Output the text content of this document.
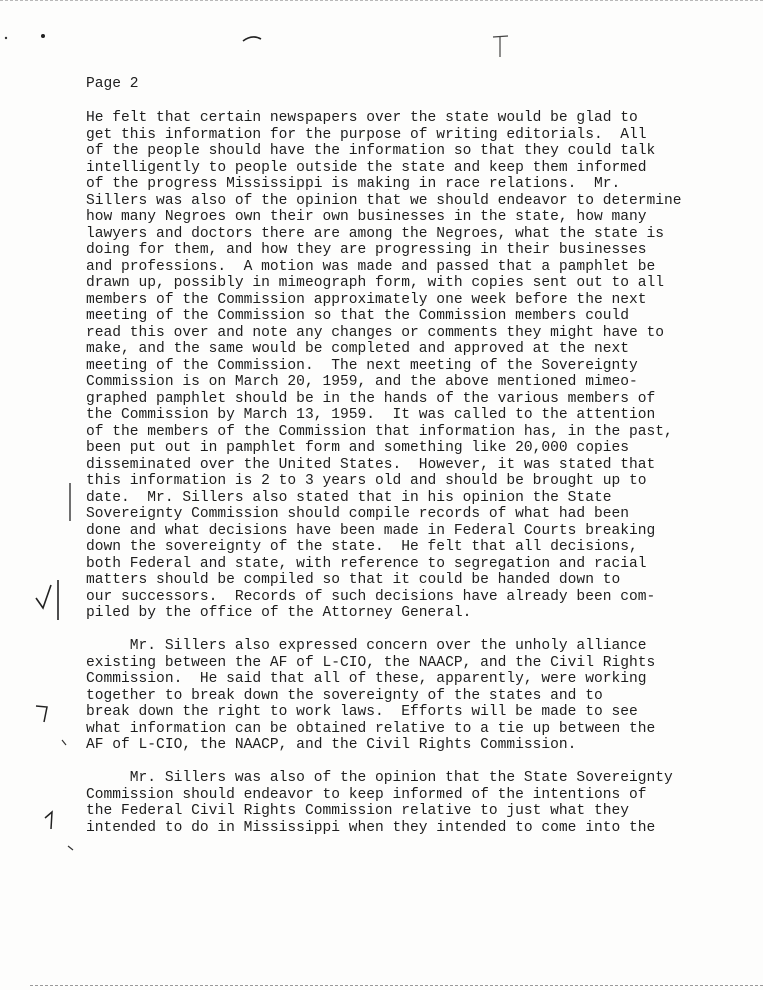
Page 2

He felt that certain newspapers over the state would be glad to
get this information for the purpose of writing editorials.  All
of the people should have the information so that they could talk
intelligently to people outside the state and keep them informed
of the progress Mississippi is making in race relations.  Mr.
Sillers was also of the opinion that we should endeavor to determine
how many Negroes own their own businesses in the state, how many
lawyers and doctors there are among the Negroes, what the state is
doing for them, and how they are progressing in their businesses
and professions.  A motion was made and passed that a pamphlet be
drawn up, possibly in mimeograph form, with copies sent out to all
members of the Commission approximately one week before the next
meeting of the Commission so that the Commission members could
read this over and note any changes or comments they might have to
make, and the same would be completed and approved at the next
meeting of the Commission.  The next meeting of the Sovereignty
Commission is on March 20, 1959, and the above mentioned mimeo-
graphed pamphlet should be in the hands of the various members of
the Commission by March 13, 1959.  It was called to the attention
of the members of the Commission that information has, in the past,
been put out in pamphlet form and something like 20,000 copies
disseminated over the United States.  However, it was stated that
this information is 2 to 3 years old and should be brought up to
date.  Mr. Sillers also stated that in his opinion the State
Sovereignty Commission should compile records of what had been
done and what decisions have been made in Federal Courts breaking
down the sovereignty of the state.  He felt that all decisions,
both Federal and state, with reference to segregation and racial
matters should be compiled so that it could be handed down to
our successors.  Records of such decisions have already been com-
piled by the office of the Attorney General.

Mr. Sillers also expressed concern over the unholy alliance
existing between the AF of L-CIO, the NAACP, and the Civil Rights
Commission.  He said that all of these, apparently, were working
together to break down the sovereignty of the states and to
break down the right to work laws.  Efforts will be made to see
what information can be obtained relative to a tie up between the
AF of L-CIO, the NAACP, and the Civil Rights Commission.

Mr. Sillers was also of the opinion that the State Sovereignty
Commission should endeavor to keep informed of the intentions of
the Federal Civil Rights Commission relative to just what they
intended to do in Mississippi when they intended to come into the
